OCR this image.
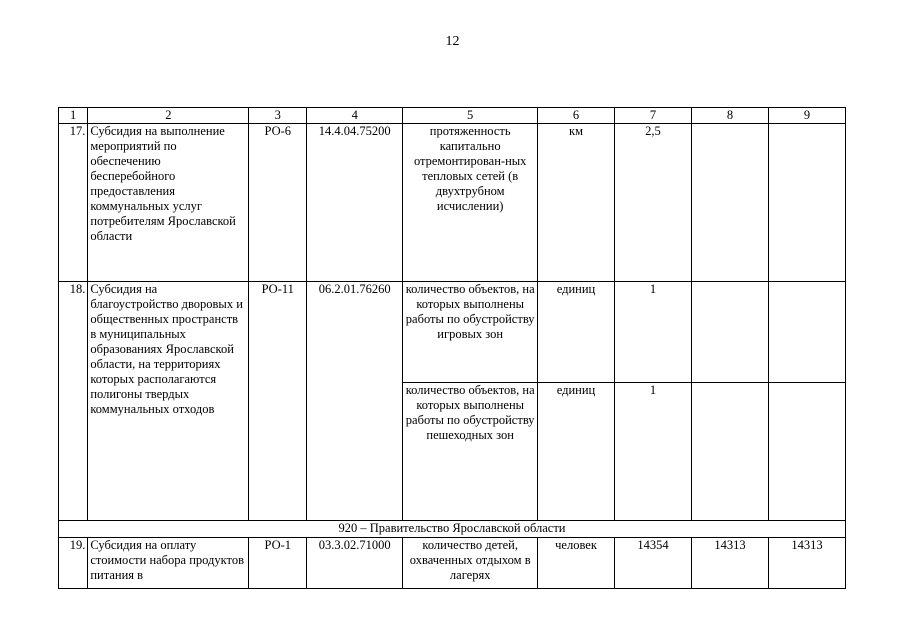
12
1	2	3	4	5	6	7	8	9
17.	Субсидия на выполнение мероприятий по обеспечению бесперебойного предоставления коммунальных услуг потребителям Ярославской области	РО-6	14.4.04.75200	протяженность капитально отремонтирован-ных тепловых сетей (в двухтрубном исчислении)	км	2,5		
18.	Субсидия на благоустройство дворовых и общественных пространств в муниципальных образованиях Ярославской области, на территориях которых располагаются полигоны твердых коммунальных отходов	РО-11	06.2.01.76260	количество объектов, на которых выполнены работы по обустройству игровых зон	единиц	1		
				количество объектов, на которых выполнены работы по обустройству пешеходных зон	единиц	1		
920 – Правительство Ярославской области								
19.	Субсидия на оплату стоимости набора продуктов питания в	РО-1	03.3.02.71000	количество детей, охваченных отдыхом в лагерях	человек	14354	14313	14313
